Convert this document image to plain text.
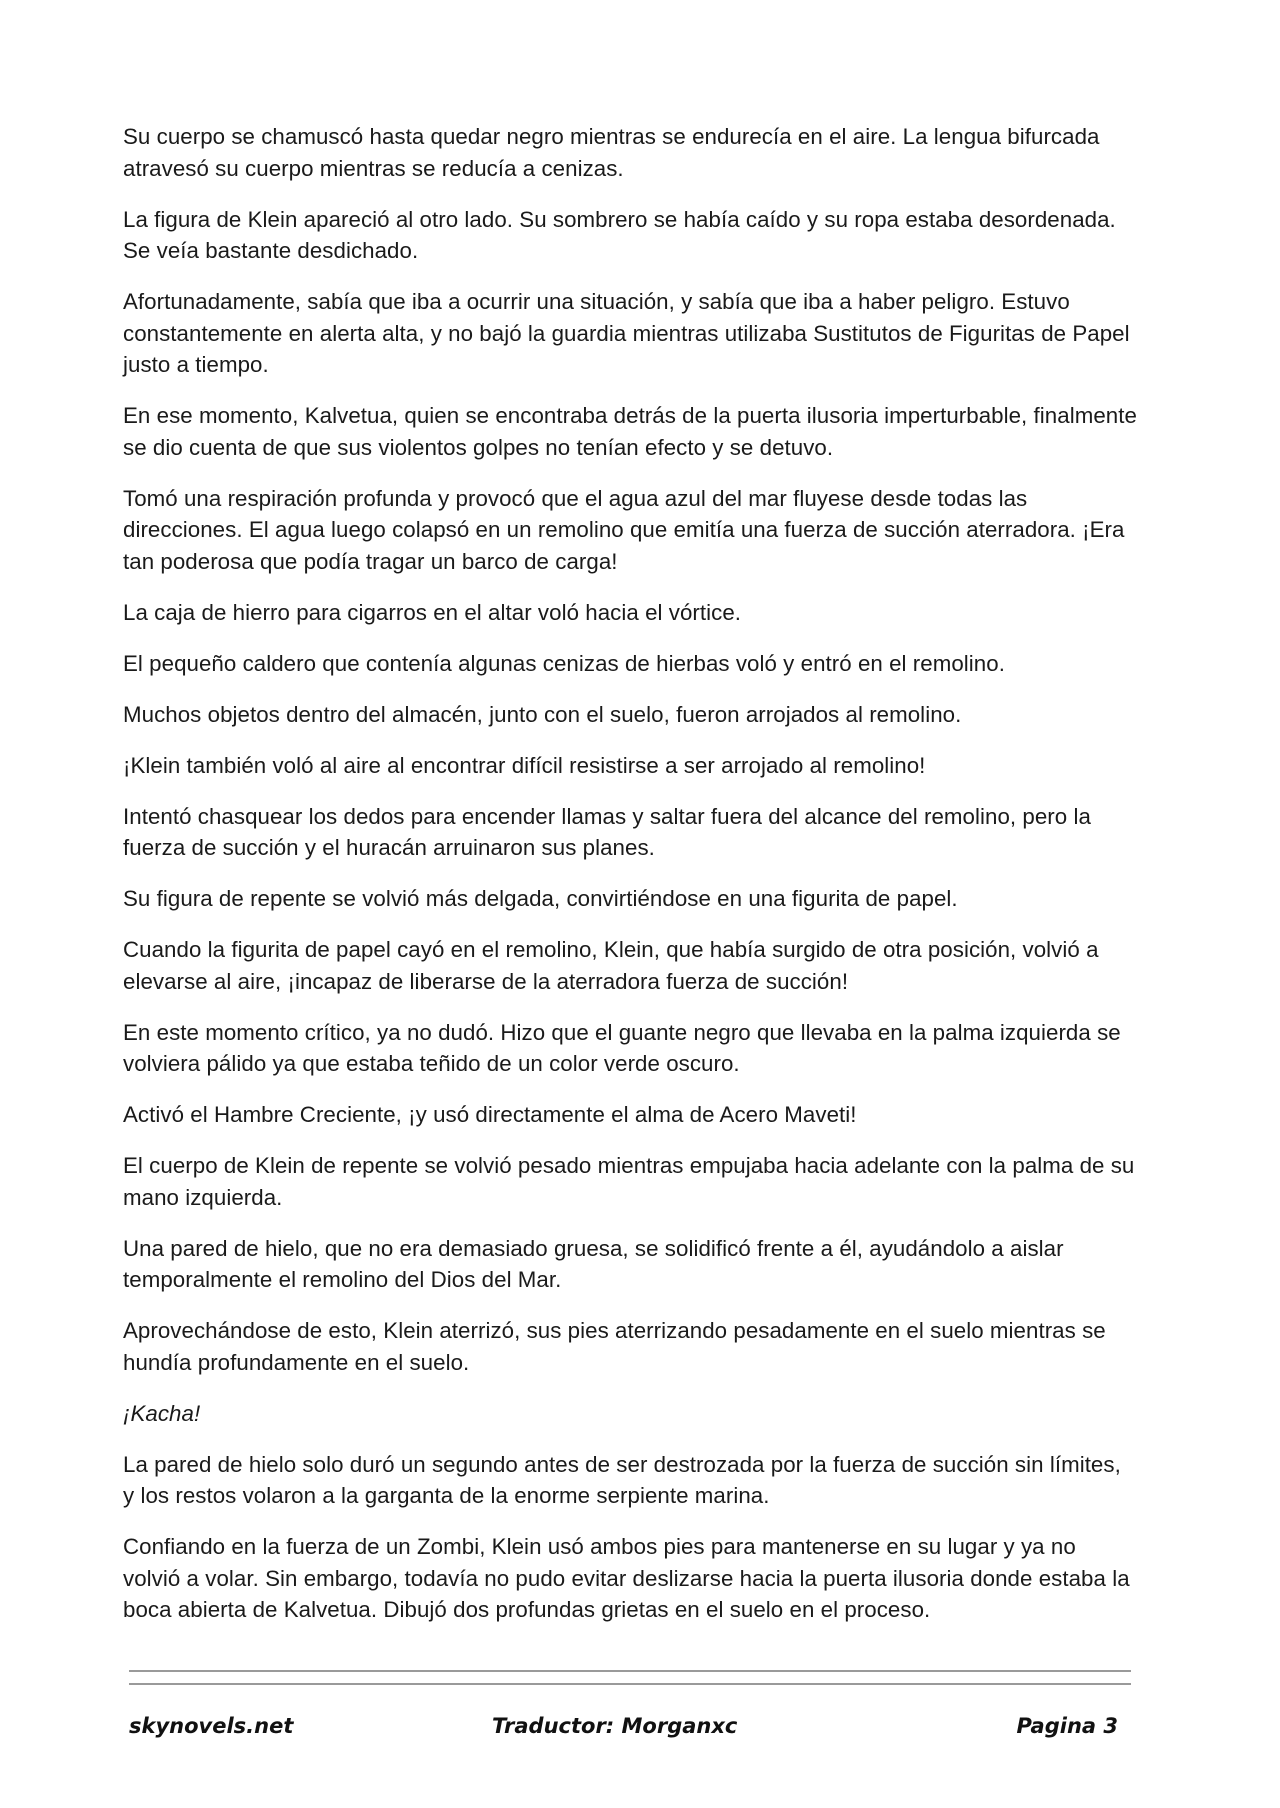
Su cuerpo se chamuscó hasta quedar negro mientras se endurecía en el aire. La lengua bifurcada atravesó su cuerpo mientras se reducía a cenizas.

La figura de Klein apareció al otro lado. Su sombrero se había caído y su ropa estaba desordenada. Se veía bastante desdichado.

Afortunadamente, sabía que iba a ocurrir una situación, y sabía que iba a haber peligro. Estuvo constantemente en alerta alta, y no bajó la guardia mientras utilizaba Sustitutos de Figuritas de Papel justo a tiempo.

En ese momento, Kalvetua, quien se encontraba detrás de la puerta ilusoria imperturbable, finalmente se dio cuenta de que sus violentos golpes no tenían efecto y se detuvo.

Tomó una respiración profunda y provocó que el agua azul del mar fluyese desde todas las direcciones. El agua luego colapsó en un remolino que emitía una fuerza de succión aterradora. ¡Era tan poderosa que podía tragar un barco de carga!

La caja de hierro para cigarros en el altar voló hacia el vórtice.

El pequeño caldero que contenía algunas cenizas de hierbas voló y entró en el remolino.

Muchos objetos dentro del almacén, junto con el suelo, fueron arrojados al remolino.

¡Klein también voló al aire al encontrar difícil resistirse a ser arrojado al remolino!

Intentó chasquear los dedos para encender llamas y saltar fuera del alcance del remolino, pero la fuerza de succión y el huracán arruinaron sus planes.

Su figura de repente se volvió más delgada, convirtiéndose en una figurita de papel.

Cuando la figurita de papel cayó en el remolino, Klein, que había surgido de otra posición, volvió a elevarse al aire, ¡incapaz de liberarse de la aterradora fuerza de succión!

En este momento crítico, ya no dudó. Hizo que el guante negro que llevaba en la palma izquierda se volviera pálido ya que estaba teñido de un color verde oscuro.

Activó el Hambre Creciente, ¡y usó directamente el alma de Acero Maveti!

El cuerpo de Klein de repente se volvió pesado mientras empujaba hacia adelante con la palma de su mano izquierda.

Una pared de hielo, que no era demasiado gruesa, se solidificó frente a él, ayudándolo a aislar temporalmente el remolino del Dios del Mar.

Aprovechándose de esto, Klein aterrizó, sus pies aterrizando pesadamente en el suelo mientras se hundía profundamente en el suelo.

¡Kacha!

La pared de hielo solo duró un segundo antes de ser destrozada por la fuerza de succión sin límites, y los restos volaron a la garganta de la enorme serpiente marina.

Confiando en la fuerza de un Zombi, Klein usó ambos pies para mantenerse en su lugar y ya no volvió a volar. Sin embargo, todavía no pudo evitar deslizarse hacia la puerta ilusoria donde estaba la boca abierta de Kalvetua. Dibujó dos profundas grietas en el suelo en el proceso.

skynovels.net	Traductor: Morganxc	Pagina 3
